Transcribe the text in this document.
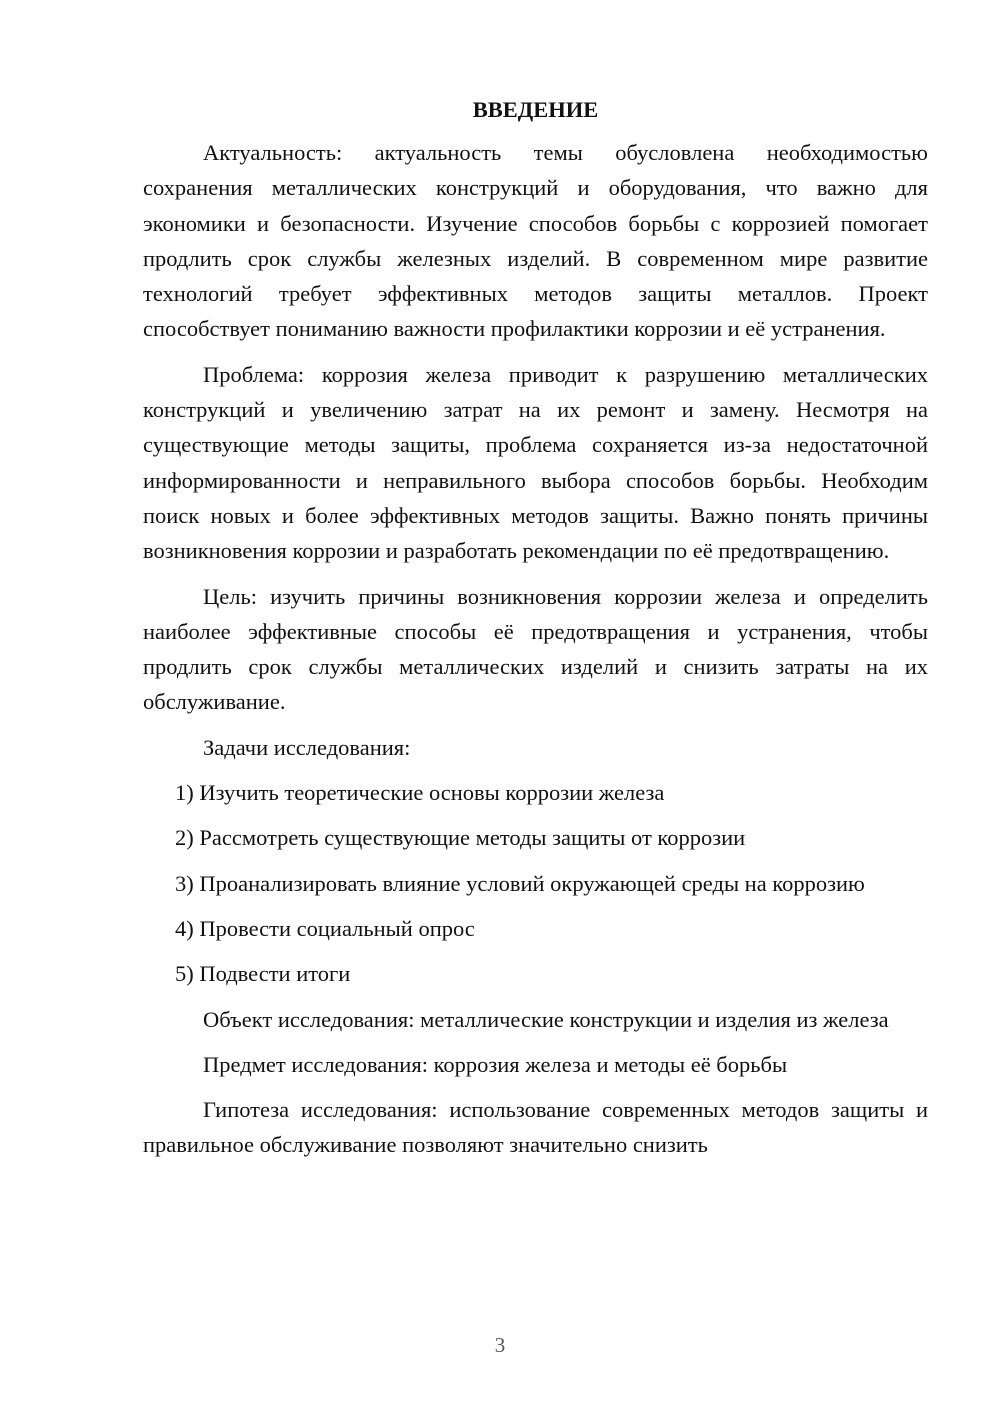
ВВЕДЕНИЕ

Актуальность: актуальность темы обусловлена необходимостью сохранения металлических конструкций и оборудования, что важно для экономики и безопасности. Изучение способов борьбы с коррозией помогает продлить срок службы железных изделий. В современном мире развитие технологий требует эффективных методов защиты металлов. Проект способствует пониманию важности профилактики коррозии и её устранения.

Проблема: коррозия железа приводит к разрушению металлических конструкций и увеличению затрат на их ремонт и замену. Несмотря на существующие методы защиты, проблема сохраняется из-за недостаточной информированности и неправильного выбора способов борьбы. Необходим поиск новых и более эффективных методов защиты. Важно понять причины возникновения коррозии и разработать рекомендации по её предотвращению.

Цель: изучить причины возникновения коррозии железа и определить наиболее эффективные способы её предотвращения и устранения, чтобы продлить срок службы металлических изделий и снизить затраты на их обслуживание.

Задачи исследования:

1) Изучить теоретические основы коррозии железа

2) Рассмотреть существующие методы защиты от коррозии

3) Проанализировать влияние условий окружающей среды на коррозию

4) Провести социальный опрос

5) Подвести итоги

Объект исследования: металлические конструкции и изделия из железа

Предмет исследования: коррозия железа и методы её борьбы

Гипотеза исследования: использование современных методов защиты и правильное обслуживание позволяют значительно снизить

3
